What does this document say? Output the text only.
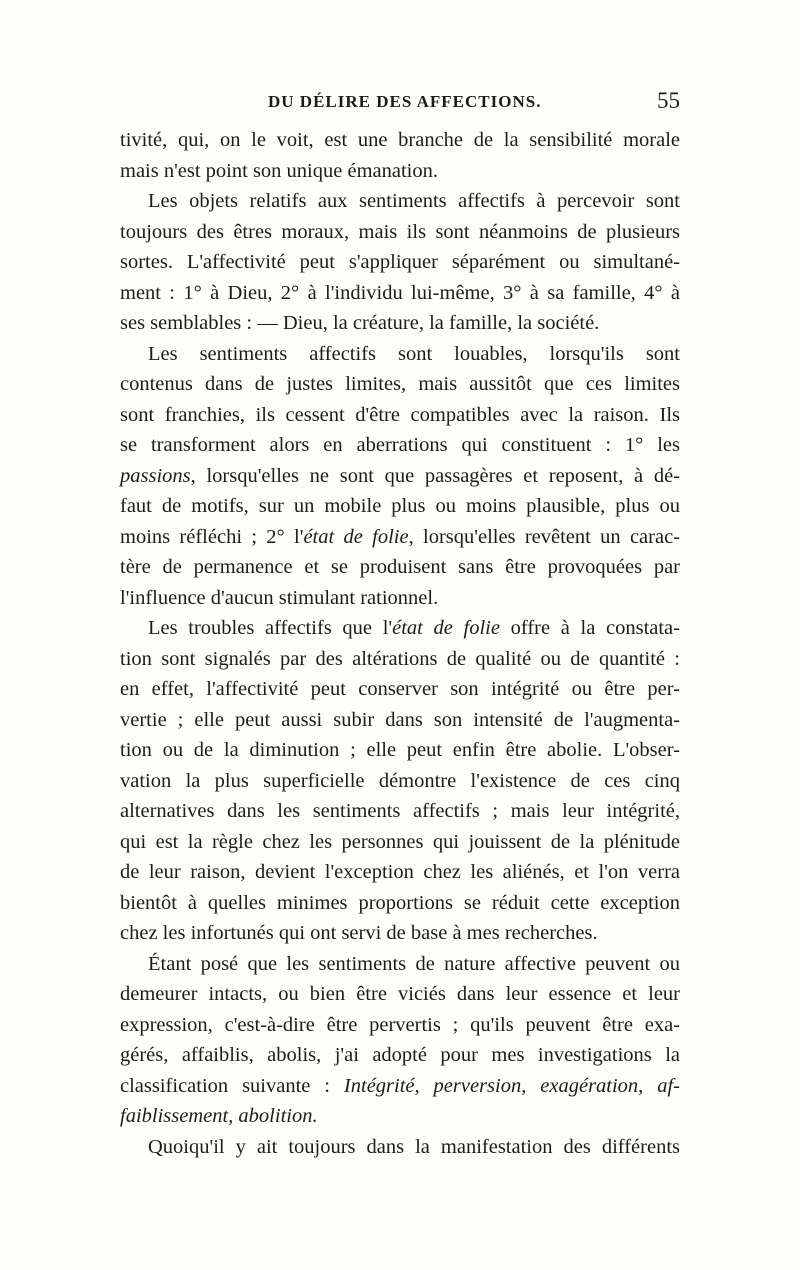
DU DÉLIRE DES AFFECTIONS.	55
tivité, qui, on le voit, est une branche de la sensibilité morale
mais n'est point son unique émanation.
Les objets relatifs aux sentiments affectifs à percevoir sont
toujours des êtres moraux, mais ils sont néanmoins de plusieurs
sortes. L'affectivité peut s'appliquer séparément ou simultané-
ment : 1° à Dieu, 2° à l'individu lui-même, 3° à sa famille, 4° à
ses semblables : — Dieu, la créature, la famille, la société.
Les sentiments affectifs sont louables, lorsqu'ils sont
contenus dans de justes limites, mais aussitôt que ces limites
sont franchies, ils cessent d'être compatibles avec la raison. Ils
se transforment alors en aberrations qui constituent : 1° les
passions, lorsqu'elles ne sont que passagères et reposent, à dé-
faut de motifs, sur un mobile plus ou moins plausible, plus ou
moins réfléchi ; 2° l'état de folie, lorsqu'elles revêtent un carac-
tère de permanence et se produisent sans être provoquées par
l'influence d'aucun stimulant rationnel.
Les troubles affectifs que l'état de folie offre à la constata-
tion sont signalés par des altérations de qualité ou de quantité :
en effet, l'affectivité peut conserver son intégrité ou être per-
vertie ; elle peut aussi subir dans son intensité de l'augmenta-
tion ou de la diminution ; elle peut enfin être abolie. L'obser-
vation la plus superficielle démontre l'existence de ces cinq
alternatives dans les sentiments affectifs ; mais leur intégrité,
qui est la règle chez les personnes qui jouissent de la plénitude
de leur raison, devient l'exception chez les aliénés, et l'on verra
bientôt à quelles minimes proportions se réduit cette exception
chez les infortunés qui ont servi de base à mes recherches.
Étant posé que les sentiments de nature affective peuvent ou
demeurer intacts, ou bien être viciés dans leur essence et leur
expression, c'est-à-dire être pervertis ; qu'ils peuvent être exa-
gérés, affaiblis, abolis, j'ai adopté pour mes investigations la
classification suivante : Intégrité, perversion, exagération, af-
faiblissement, abolition.
Quoiqu'il y ait toujours dans la manifestation des différents
